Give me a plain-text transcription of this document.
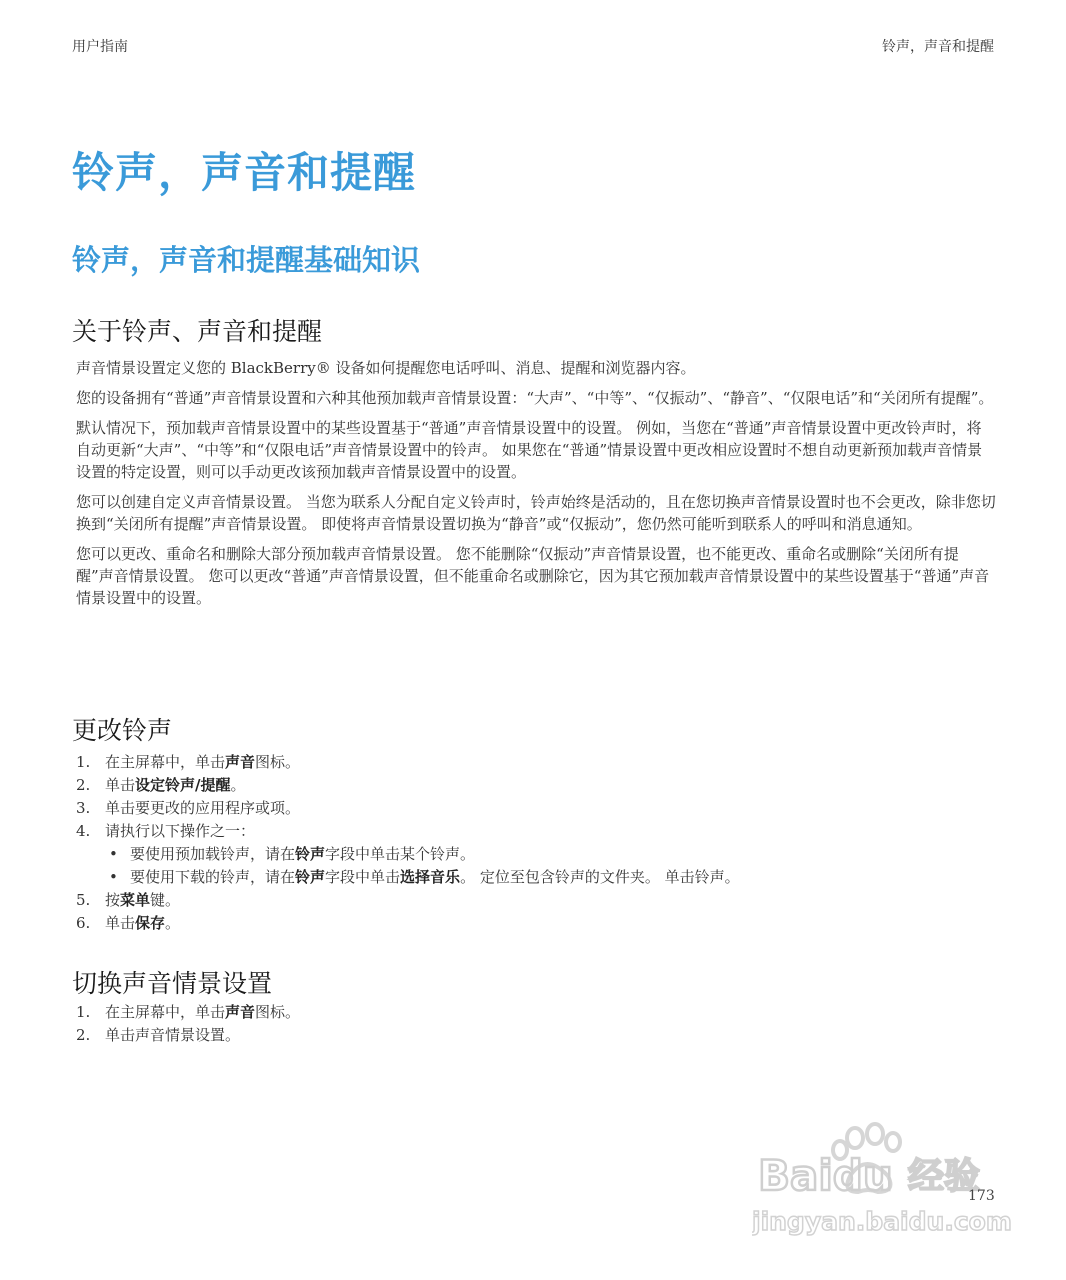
用户指南	铃声，声音和提醒
铃声，声音和提醒
铃声，声音和提醒基础知识
关于铃声、声音和提醒

声音情景设置定义您的 BlackBerry® 设备如何提醒您电话呼叫、消息、提醒和浏览器内容。

您的设备拥有“普通”声音情景设置和六种其他预加载声音情景设置：“大声”、“中等”、“仅振动”、“静音”、“仅限电话”和“关闭所有提醒”。

默认情况下，预加载声音情景设置中的某些设置基于“普通”声音情景设置中的设置。 例如，当您在“普通”声音情景设置中更改铃声时，将自动更新“大声”、“中等”和“仅限电话”声音情景设置中的铃声。 如果您在“普通”情景设置中更改相应设置时不想自动更新预加载声音情景设置的特定设置，则可以手动更改该预加载声音情景设置中的设置。

您可以创建自定义声音情景设置。 当您为联系人分配自定义铃声时，铃声始终是活动的，且在您切换声音情景设置时也不会更改，除非您切换到“关闭所有提醒”声音情景设置。 即使将声音情景设置切换为“静音”或“仅振动”，您仍然可能听到联系人的呼叫和消息通知。

您可以更改、重命名和删除大部分预加载声音情景设置。 您不能删除“仅振动”声音情景设置，也不能更改、重命名或删除“关闭所有提醒”声音情景设置。 您可以更改“普通”声音情景设置，但不能重命名或删除它，因为其它预加载声音情景设置中的某些设置基于“普通”声音情景设置中的设置。

更改铃声
1. 在主屏幕中，单击声音图标。
2. 单击设定铃声/提醒。
3. 单击要更改的应用程序或项。
4. 请执行以下操作之一：
• 要使用预加载铃声，请在铃声字段中单击某个铃声。
• 要使用下载的铃声，请在铃声字段中单击选择音乐。 定位至包含铃声的文件夹。 单击铃声。
5. 按菜单键。
6. 单击保存。
切换声音情景设置
1. 在主屏幕中，单击声音图标。
2. 单击声音情景设置。
Baidu 经验
jingyan.baidu.com
173
